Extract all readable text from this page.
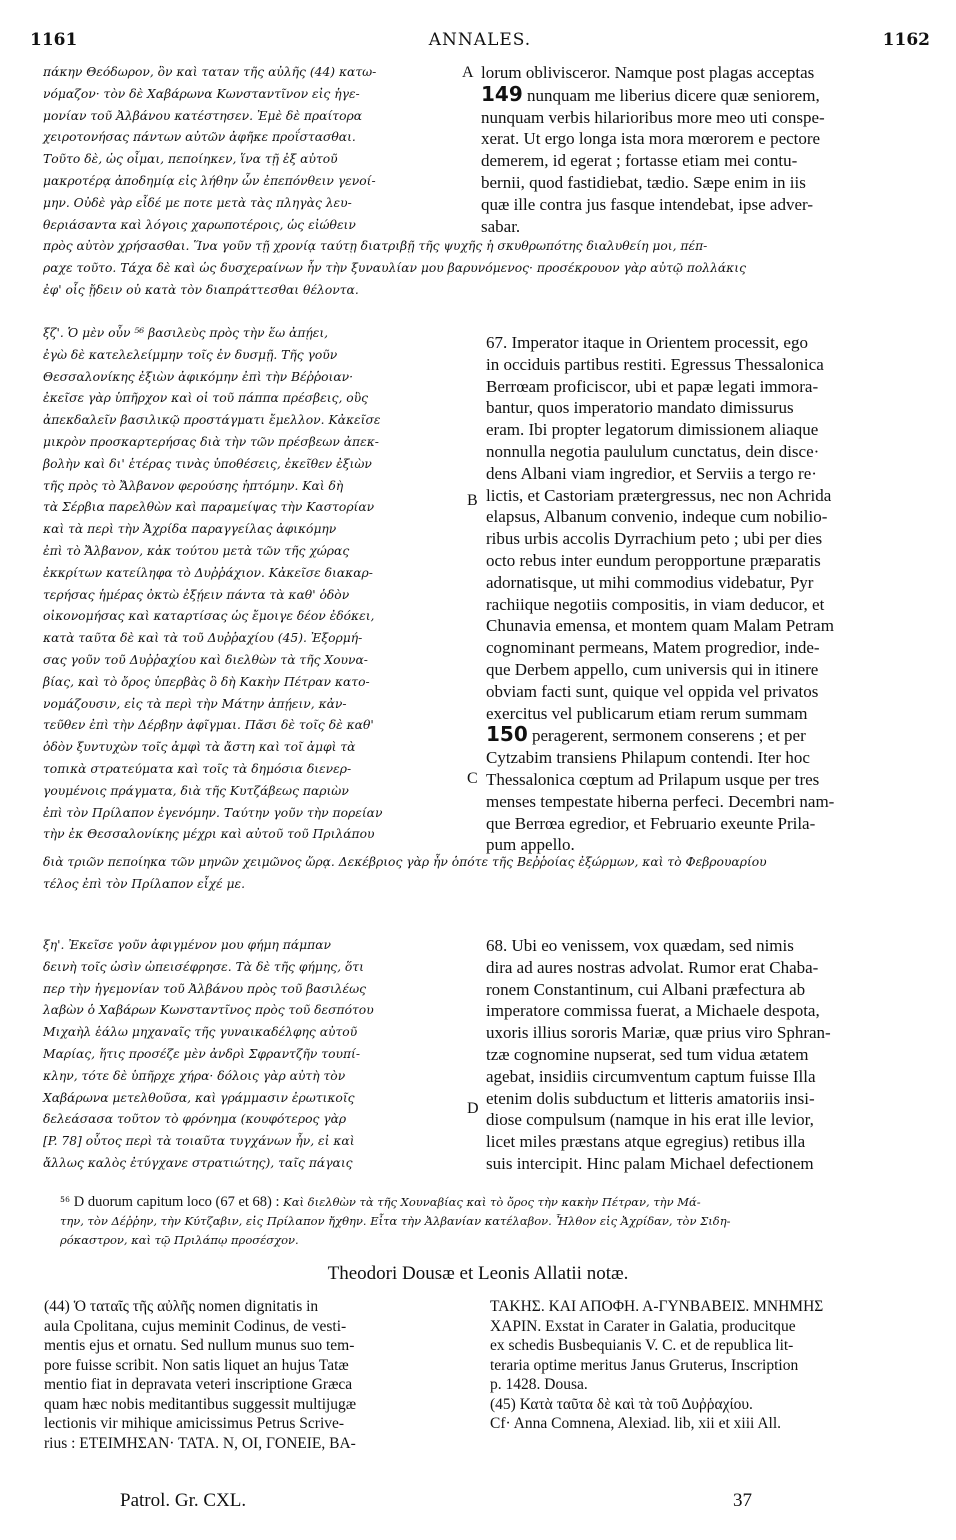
1161	ANNALES.	1162
πάκην Θεόδωρον, ὃν καὶ ταταν τῆς αὐλῆς (44) κατω-
νόμαζον· τὸν δὲ Χαβάρωνα Κωνσταντῖνον εἰς ἡγε-
μονίαν τοῦ Ἀλβάνου κατέστησεν. Ἐμὲ δὲ πραίτορα
χειροτονήσας πάντων αὐτῶν ἀφῆκε προΐστασθαι.
Τοῦτο δὲ, ὡς οἶμαι, πεποίηκεν, ἵνα τῇ ἐξ αὐτοῦ
μακροτέρᾳ ἀποδημίᾳ εἰς λήθην ὧν ἐπεπόνθειν γενοί-
μην. Οὐδὲ γὰρ εἶδέ με ποτε μετὰ τὰς πληγὰς λευ-
θεριάσαντα καὶ λόγοις χαρωποτέροις, ὡς εἰώθειν
A lorum oblivisceror. Namque post plagas acceptas
149 nunquam me liberius dicere quæ seniorem,
nunquam verbis hilarioribus more meo uti conspe-
xerat. Ut ergo longa ista mora mœrorem e pectore
demerem, id egerat ; fortasse etiam mei contu-
bernii, quod fastidiebat, tædio. Sæpe enim in iis
quæ ille contra jus fasque intendebat, ipse adver-
sabar.
πρὸς αὐτὸν χρήσασθαι. Ἵνα γοῦν τῇ χρονίᾳ ταύτῃ διατριβῇ τῆς ψυχῆς ἡ σκυθρωπότης διαλυθείη μοι, πέπ-
ραχε τοῦτο. Τάχα δὲ καὶ ὡς δυσχεραίνων ἦν τὴν ξυναυλίαν μου βαρυνόμενος· προσέκρουον γὰρ αὐτῷ πολλάκις
ἐφ' οἷς ᾔδειν οὐ κατὰ τὸν διαπράττεσθαι θέλοντα.
ξζ'. Ὁ μὲν οὖν ⁵⁶ βασιλεὺς πρὸς τὴν ἕω ἀπῄει,
ἐγὼ δὲ κατελελείμμην τοῖς ἐν δυσμῇ. Τῆς γοῦν
Θεσσαλονίκης ἐξιὼν ἀφικόμην ἐπὶ τὴν Βέῤῥοιαν·
ἐκεῖσε γὰρ ὑπῆρχον καὶ οἱ τοῦ πάππα πρέσβεις, οὓς
ἀπεκδαλεῖν βασιλικῷ προστάγματι ἔμελλον. Κἀκεῖσε
μικρὸν προσκαρτερήσας διὰ τὴν τῶν πρέσβεων ἀπεκ-
βολὴν καὶ δι' ἑτέρας τινὰς ὑποθέσεις, ἐκεῖθεν ἐξιὼν
τῆς πρὸς τὸ Ἄλβανον φερούσης ἡπτόμην. Καὶ δὴ
τὰ Σέρβια παρελθὼν καὶ παραμείψας τὴν Καστορίαν
καὶ τὰ περὶ τὴν Ἀχρίδα παραγγείλας ἀφικόμην
ἐπὶ τὸ Ἄλβανον, κἀκ τούτου μετὰ τῶν τῆς χώρας
ἐκκρίτων κατείληφα τὸ Δυῤῥάχιον. Κἀκεῖσε διακαρ-
τερήσας ἡμέρας ὀκτὼ ἐξῄειν πάντα τὰ καθ' ὁδὸν
οἰκονομήσας καὶ καταρτίσας ὡς ἔμοιγε δέον ἐδόκει,
κατὰ ταῦτα δὲ καὶ τὰ τοῦ Δυῤῥαχίου (45). Ἐξορμή-
σας γοῦν τοῦ Δυῤῥαχίου καὶ διελθὼν τὰ τῆς Χουνα-
βίας, καὶ τὸ ὄρος ὑπερβὰς ὃ δὴ Κακὴν Πέτραν κατο-
νομάζουσιν, εἰς τὰ περὶ τὴν Μάτην ἀπῄειν, κἀν-
τεῦθεν ἐπὶ τὴν Δέρβην ἀφῖγμαι. Πᾶσι δὲ τοῖς δὲ καθ'
ὁδὸν ξυντυχὼν τοῖς ἀμφὶ τὰ ἄστη καὶ τοῖ ἀμφὶ τὰ
τοπικὰ στρατεύματα καὶ τοῖς τὰ δημόσια διενερ-
γουμένοις πράγματα, διὰ τῆς Κυτζάβεως παριὼν
ἐπὶ τὸν Πρίλαπον ἐγενόμην. Ταύτην γοῦν τὴν πορείαν
τὴν ἐκ Θεσσαλονίκης μέχρι καὶ αὐτοῦ τοῦ Πριλάπου
B
C
67. Imperator itaque in Orientem processit, ego
in occiduis partibus restiti. Egressus Thessalonica
Berrœam proficiscor, ubi et papæ legati immora-
bantur, quos imperatorio mandato dimissurus
eram. Ibi propter legatorum dimissionem aliaque
nonnulla negotia paululum cunctatus, dein disce·
dens Albani viam ingredior, et Serviis a tergo re·
lictis, et Castoriam prætergressus, nec non Achrida
elapsus, Albanum convenio, indeque cum nobilio-
ribus urbis accolis Dyrrachium peto ; ubi per dies
octo rebus inter eundum peropportune præparatis
adornatisque, ut mihi commodius videbatur, Pyr
rachiique negotiis compositis, in viam deducor, et
Chunavia emensa, et montem quam Malam Petram
cognominant permeans, Matem progredior, inde-
que Derbem appello, cum universis qui in itinere
obviam facti sunt, quique vel oppida vel privatos
exercitus vel publicarum etiam rerum summam
150 peragerent, sermonem conserens ; et per
Cytzabim transiens Philapum contendi. Iter hoc
Thessalonica cœptum ad Prilapum usque per tres
menses tempestate hiberna perfeci. Decembri nam-
que Berrœa egredior, et Februario exeunte Prila-
pum appello.
διὰ τριῶν πεποίηκα τῶν μηνῶν χειμῶνος ὥρᾳ. Δεκέβριος γὰρ ἦν ὁπότε τῆς Βεῤῥοίας ἐξώρμων, καὶ τὸ Φεβρουαρίου
τέλος ἐπὶ τὸν Πρίλαπον εἶχέ με.
ξη'. Ἐκεῖσε γοῦν ἀφιγμένον μου φήμη πάμπαν
δεινὴ τοῖς ὠσὶν ὠπεισέφρησε. Τὰ δὲ τῆς φήμης, ὅτι
περ τὴν ἡγεμονίαν τοῦ Ἀλβάνου πρὸς τοῦ βασιλέως
λαβὼν ὁ Χαβάρων Κωνσταντῖνος πρὸς τοῦ δεσπότου
Μιχαὴλ ἑάλω μηχαναῖς τῆς γυναικαδέλφης αὐτοῦ
Μαρίας, ἥτις προσέζε μὲν ἀνδρὶ Σφραντζῆν τουπί-
κλην, τότε δὲ ὑπῆρχε χήρα· δόλοις γὰρ αὐτὴ τὸν
Χαβάρωνα μετελθοῦσα, καὶ γράμμασιν ἐρωτικοῖς
δελεάσασα τοῦτον τὸ φρόνημα (κουφότερος γὰρ
[P. 78] οὗτος περὶ τὰ τοιαῦτα τυγχάνων ἦν, εἰ καὶ
ἄλλως καλὸς ἐτύγχανε στρατιώτης), ταῖς πάγαις
D
68. Ubi eo venissem, vox quædam, sed nimis
dira ad aures nostras advolat. Rumor erat Chaba-
ronem Constantinum, cui Albani præfectura ab
imperatore commissa fuerat, a Michaele despota,
uxoris illius sororis Mariæ, quæ prius viro Sphran-
tzæ cognomine nupserat, sed tum vidua ætatem
agebat, insidiis circumventum captum fuisse Illa
etenim dolis subductum et litteris amatoriis insi-
diose compulsum (namque in his erat ille levior,
licet miles præstans atque egregius) retibus illa
suis intercipit. Hinc palam Michael defectionem
⁵⁶ D duorum capitum loco (67 et 68) : Καὶ διελθὼν τὰ τῆς Χουναβίας καὶ τὸ ὄρος τὴν κακὴν Πέτραν, τὴν Μά-
την, τὸν Δέῤῥην, τὴν Κύτζαβιν, εἰς Πρίλαπον ἤχθην. Εἶτα τὴν Ἀλβανίαν κατέλαβον. Ἦλθον εἰς Ἀχρίδαν, τὸν Σιδη-
ρόκαστρον, καὶ τῷ Πριλάπῳ προσέσχον.
Theodori Dousæ et Leonis Allatii notæ.
(44) Ὁ ταταῖς τῆς αὐλῆς nomen dignitatis in
aula Cpolitana, cujus meminit Codinus, de vesti-
mentis ejus et ornatu. Sed nullum munus suo tem-
pore fuisse scribit. Non satis liquet an hujus Tatæ
mentio fiat in depravata veteri inscriptione Græca
quam hæc nobis meditantibus suggessit multijugæ
lectionis vir mihique amicissimus Petrus Scrive-
rius : ΕΤΕΙΜΗΣΑΝ· ΤΑΤΑ. Ν, ΟΙ, ΓΟΝΕΙΕ, ΒΑ-
ΤΑΚΗΣ. ΚΑΙ ΑΠΟΦΗ. Α-ΓΥΝΒΑΒΕΙΣ. ΜΝΗΜΗΣ
ΧΑΡΙΝ. Exstat in Carater in Galatia, producitque
ex schedis Busbequianis V. C. et de republica lit-
teraria optime meritus Janus Gruterus, Inscription
p. 1428. Dousa.
(45) Κατὰ ταῦτα δὲ καὶ τὰ τοῦ Δυῤῥαχίου.
Cf· Anna Comnena, Alexiad. lib, xii et xiii All.
Patrol. Gr. CXL.	37
